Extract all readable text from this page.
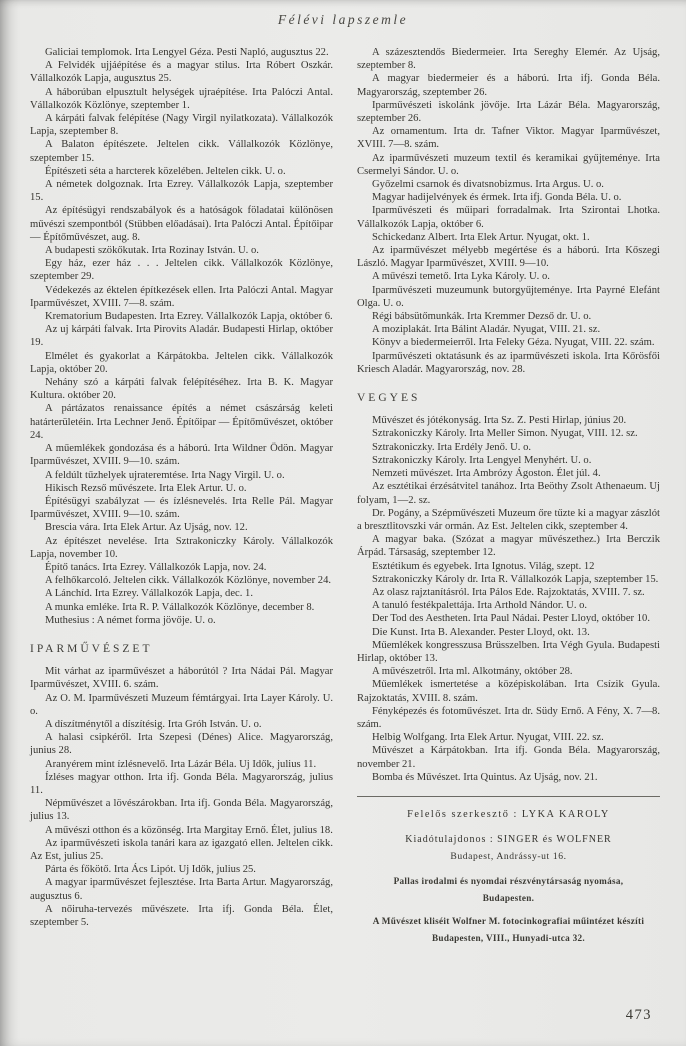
Félévi lapszemle

Galiciai templomok. Irta Lengyel Géza. Pesti Napló, augusztus 22.

A Felvidék ujjáépítése és a magyar stilus. Irta Róbert Oszkár. Vállalkozók Lapja, augusztus 25.

A háborúban elpusztult helységek ujraépítése. Irta Palóczi Antal. Vállalkozók Közlönye, szeptember 1.

A kárpáti falvak felépítése (Nagy Virgil nyilatkozata). Vállalkozók Lapja, szeptember 8.

A Balaton építészete. Jeltelen cikk. Vállalkozók Közlönye, szeptember 15.

Építészeti séta a harcterek közelében. Jeltelen cikk. U. o.

A németek dolgoznak. Irta Ezrey. Vállalkozók Lapja, szeptember 15.

Az építésügyi rendszabályok és a hatóságok föladatai különösen művészi szempontból (Stübben előadásai). Irta Palóczi Antal. Építőipar — Építőművészet, aug. 8.

A budapesti szökőkutak. Irta Rozinay István. U. o.

Egy ház, ezer ház . . . Jeltelen cikk. Vállalkozók Közlönye, szeptember 29.

Védekezés az éktelen építkezések ellen. Irta Palóczi Antal. Magyar Iparművészet, XVIII. 7—8. szám.

Krematorium Budapesten. Irta Ezrey. Vállalkozók Lapja, október 6.

Az uj kárpáti falvak. Irta Pirovits Aladár. Budapesti Hirlap, október 19.

Elmélet és gyakorlat a Kárpátokba. Jeltelen cikk. Vállalkozók Lapja, október 20.

Nehány szó a kárpáti falvak felépítéséhez. Irta B. K. Magyar Kultura. október 20.

A pártázatos renaissance építés a német császárság keleti határterületéin. Irta Lechner Jenő. Építőipar — Építőművészet, október 24.

A műemlékek gondozása és a háború. Irta Wildner Ödön. Magyar Iparművészet, XVIII. 9—10. szám.

A feldúlt tűzhelyek ujrateremtése. Irta Nagy Virgil. U. o.

Hikisch Rezső művészete. Irta Elek Artur. U. o.

Építésügyi szabályzat — és ízlésnevelés. Irta Relle Pál. Magyar Iparművészet, XVIII. 9—10. szám.

Brescia vára. Irta Elek Artur. Az Ujság, nov. 12.

Az építészet nevelése. Irta Sztrakoniczky Károly. Vállalkozók Lapja, november 10.

Építő tanács. Irta Ezrey. Vállalkozók Lapja, nov. 24.

A felhőkarcoló. Jeltelen cikk. Vállalkozók Közlönye, november 24.

A Lánchíd. Irta Ezrey. Vállalkozók Lapja, dec. 1.

A munka emléke. Irta R. P. Vállalkozók Közlönye, december 8.

Muthesius : A német forma jövője. U. o.

IPARMŰVÉSZET

Mit várhat az iparművészet a háborútól ? Irta Nádai Pál. Magyar Iparművészet, XVIII. 6. szám.

Az O. M. Iparművészeti Muzeum fémtárgyai. Irta Layer Károly. U. o.

A díszítménytől a díszítésig. Irta Gróh István. U. o.

A halasi csipkéről. Irta Szepesi (Dénes) Alice. Magyarország, junius 28.

Aranyérem mint ízlésnevelő. Irta Lázár Béla. Uj Idők, julius 11.

Ízléses magyar otthon. Irta ifj. Gonda Béla. Magyarország, julius 11.

Népművészet a lövészárokban. Irta ifj. Gonda Béla. Magyarország, julius 13.

A művészi otthon és a közönség. Irta Margitay Ernő. Élet, julius 18.

Az iparművészeti iskola tanári kara az igazgató ellen. Jeltelen cikk. Az Est, julius 25.

Párta és főkötő. Irta Ács Lipót. Uj Idők, julius 25.

A magyar iparművészet fejlesztése. Irta Barta Artur. Magyarország, augusztus 6.

A nőiruha-tervezés művészete. Irta ifj. Gonda Béla. Élet, szeptember 5.

A százesztendős Biedermeier. Irta Sereghy Elemér. Az Ujság, szeptember 8.

A magyar biedermeier és a háború. Irta ifj. Gonda Béla. Magyarország, szeptember 26.

Iparművészeti iskolánk jövője. Irta Lázár Béla. Magyarország, szeptember 26.

Az ornamentum. Irta dr. Tafner Viktor. Magyar Iparművészet, XVIII. 7—8. szám.

Az iparművészeti muzeum textil és keramikai gyűjteménye. Irta Csermelyi Sándor. U. o.

Győzelmi csarnok és divatsnobizmus. Irta Argus. U. o.

Magyar hadijelvények és érmek. Irta ifj. Gonda Béla. U. o.

Iparművészeti és műipari forradalmak. Irta Szirontai Lhotka. Vállalkozók Lapja, október 6.

Schickedanz Albert. Irta Elek Artur. Nyugat, okt. 1.

Az iparművészet mélyebb megértése és a háború. Irta Kőszegi László. Magyar Iparművészet, XVIII. 9—10.

A művészi temető. Irta Lyka Károly. U. o.

Iparművészeti muzeumunk butorgyűjteménye. Irta Payrné Elefánt Olga. U. o.

Régi bábsütőmunkák. Irta Kremmer Dezső dr. U. o.

A moziplakát. Irta Bálint Aladár. Nyugat, VIII. 21. sz.

Könyv a biedermeierről. Irta Feleky Géza. Nyugat, VIII. 22. szám.

Iparművészeti oktatásunk és az iparművészeti iskola. Irta Kőrösfői Kriesch Aladár. Magyarország, nov. 28.

VEGYES

Művészet és jótékonyság. Irta Sz. Z. Pesti Hirlap, június 20.

Sztrakoniczky Károly. Irta Meller Simon. Nyugat, VIII. 12. sz.

Sztrakoniczky. Irta Erdély Jenő. U. o.

Sztrakoniczky Károly. Irta Lengyel Menyhért. U. o.

Nemzeti művészet. Irta Ambrózy Ágoston. Élet júl. 4.

Az esztétikai érzésátvitel tanához. Irta Beöthy Zsolt Athenaeum. Uj folyam, 1—2. sz.

Dr. Pogány, a Szépművészeti Muzeum őre tűzte ki a magyar zászlót a bresztlitovszki vár ormán. Az Est. Jeltelen cikk, szeptember 4.

A magyar baka. (Szózat a magyar művészethez.) Irta Berczik Árpád. Társaság, szeptember 12.

Esztétikum és egyebek. Irta Ignotus. Világ, szept. 12

Sztrakoniczky Károly dr. Irta R. Vállalkozók Lapja, szeptember 15.

Az olasz rajztanításról. Irta Pálos Ede. Rajzoktatás, XVIII. 7. sz.

A tanuló festékpalettája. Irta Arthold Nándor. U. o.

Der Tod des Aestheten. Irta Paul Nádai. Pester Lloyd, október 10.

Die Kunst. Irta B. Alexander. Pester Lloyd, okt. 13.

Műemlékek kongresszusa Brüsszelben. Irta Végh Gyula. Budapesti Hirlap, október 13.

A művészetről. Irta ml. Alkotmány, október 28.

Műemlékek ismertetése a középiskolában. Irta Csízik Gyula. Rajzoktatás, XVIII. 8. szám.

Fényképezés és fotoművészet. Irta dr. Südy Ernő. A Fény, X. 7—8. szám.

Helbig Wolfgang. Irta Elek Artur. Nyugat, VIII. 22. sz.

Művészet a Kárpátokban. Irta ifj. Gonda Béla. Magyarország, november 21.

Bomba és Művészet. Irta Quintus. Az Ujság, nov. 21.

Felelős szerkesztő : LYKA KAROLY

Kiadótulajdonos : SINGER és WOLFNER

Budapest, Andrássy-ut 16.

Pallas irodalmi és nyomdai részvénytársaság nyomása,

Budapesten.

A Művészet kliséit Wolfner M. fotocinkografiai műintézet készíti

Budapesten, VIII., Hunyadi-utca 32.

473
